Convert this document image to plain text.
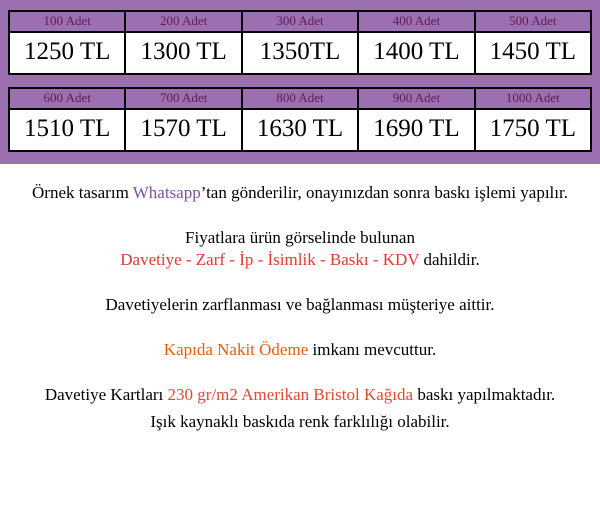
100 Adet
1250 TL
200 Adet
1300 TL
300 Adet
1350TL
400 Adet
1400 TL
500 Adet
1450 TL
600 Adet
1510 TL
700 Adet
1570 TL
800 Adet
1630 TL
900 Adet
1690 TL
1000 Adet
1750 TL
Örnek tasarım Whatsapp’tan gönderilir, onayınızdan sonra baskı işlemi yapılır.
Fiyatlara ürün görselinde bulunan
Davetiye - Zarf - İp - İsimlik - Baskı - KDV dahildir.
Davetiyelerin zarflanması ve bağlanması müşteriye aittir.
Kapıda Nakit Ödeme imkanı mevcuttur.
Davetiye Kartları 230 gr/m2 Amerikan Bristol Kağıda baskı yapılmaktadır.
Işık kaynaklı baskıda renk farklılığı olabilir.
